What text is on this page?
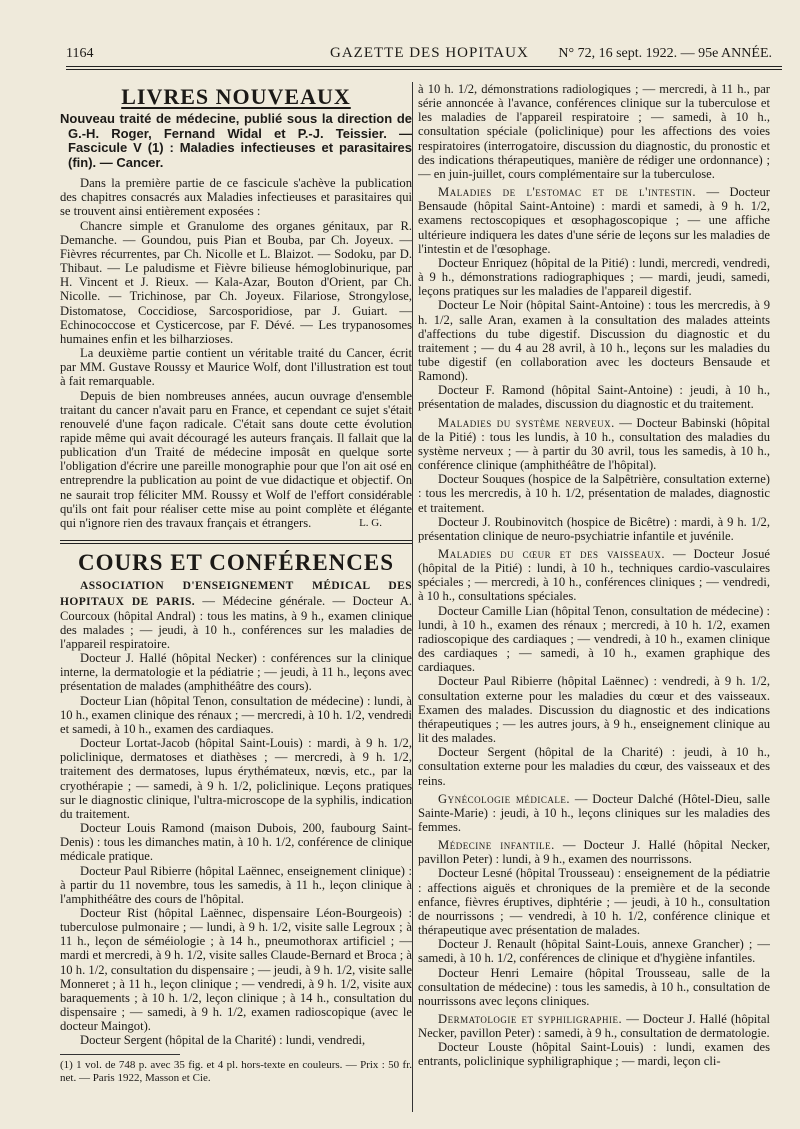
1164	GAZETTE DES HOPITAUX N° 72, 16 sept. 1922. — 95e ANNÉE.
LIVRES NOUVEAUX
Nouveau traité de médecine, publié sous la direction de G.-H. Roger, Fernand Widal et P.-J. Teissier. — Fascicule V (1) : Maladies infectieuses et parasitaires (fin). — Cancer.

Dans la première partie de ce fascicule s'achève la publication des chapitres consacrés aux Maladies infectieuses et parasitaires qui se trouvent ainsi entièrement exposées :

Chancre simple et Granulome des organes génitaux, par R. Demanche. — Goundou, puis Pian et Bouba, par Ch. Joyeux. — Fièvres récurrentes, par Ch. Nicolle et L. Blaizot. — Sodoku, par D. Thibaut. — Le paludisme et Fièvre bilieuse hémoglobinurique, par H. Vincent et J. Rieux. — Kala-Azar, Bouton d'Orient, par Ch. Nicolle. — Trichinose, par Ch. Joyeux. Filariose, Strongylose, Distomatose, Coccidiose, Sarcosporidiose, par J. Guiart. — Echinococcose et Cysticercose, par F. Dévé. — Les trypanosomes humaines enfin et les bilharzioses.

La deuxième partie contient un véritable traité du Cancer, écrit par MM. Gustave Roussy et Maurice Wolf, dont l'illustration est tout à fait remarquable.

Depuis de bien nombreuses années, aucun ouvrage d'ensemble traitant du cancer n'avait paru en France, et cependant ce sujet s'était renouvelé d'une façon radicale. C'était sans doute cette évolution rapide même qui avait découragé les auteurs français. Il fallait que la publication d'un Traité de médecine imposât en quelque sorte l'obligation d'écrire une pareille monographie pour que l'on ait osé en entreprendre la publication au point de vue didactique et objectif. On ne saurait trop féliciter MM. Roussy et Wolf de l'effort considérable qu'ils ont fait pour réaliser cette mise au point complète et élégante qui n'ignore rien des travaux français et étrangers.	L. G.
COURS ET CONFÉRENCES

ASSOCIATION D'ENSEIGNEMENT MÉDICAL DES HOPITAUX DE PARIS. — Médecine générale. — Docteur A. Courcoux (hôpital Andral) : tous les matins, à 9 h., examen clinique des malades ; — jeudi, à 10 h., conférences sur les maladies de l'appareil respiratoire.

Docteur J. Hallé (hôpital Necker) : conférences sur la clinique interne, la dermatologie et la pédiatrie ; — jeudi, à 11 h., leçons avec présentation de malades (amphithéâtre des cours).

Docteur Lian (hôpital Tenon, consultation de médecine) : lundi, à 10 h., examen clinique des rénaux ; — mercredi, à 10 h. 1/2, vendredi et samedi, à 10 h., examen des cardiaques.

Docteur Lortat-Jacob (hôpital Saint-Louis) : mardi, à 9 h. 1/2, policlinique, dermatoses et diathèses ; — mercredi, à 9 h. 1/2, traitement des dermatoses, lupus érythémateux, nœvis, etc., par la cryothérapie ; — samedi, à 9 h. 1/2, policlinique. Leçons pratiques sur le diagnostic clinique, l'ultra-microscope de la syphilis, indication du traitement.

Docteur Louis Ramond (maison Dubois, 200, faubourg Saint-Denis) : tous les dimanches matin, à 10 h. 1/2, conférence de clinique médicale pratique.

Docteur Paul Ribierre (hôpital Laënnec, enseignement clinique) : à partir du 11 novembre, tous les samedis, à 11 h., leçon clinique à l'amphithéâtre des cours de l'hôpital.

Docteur Rist (hôpital Laënnec, dispensaire Léon-Bourgeois) : tuberculose pulmonaire ; — lundi, à 9 h. 1/2, visite salle Legroux ; à 11 h., leçon de séméiologie ; à 14 h., pneumothorax artificiel ; — mardi et mercredi, à 9 h. 1/2, visite salles Claude-Bernard et Broca ; à 10 h. 1/2, consultation du dispensaire ; — jeudi, à 9 h. 1/2, visite salle Monneret ; à 11 h., leçon clinique ; — vendredi, à 9 h. 1/2, visite aux baraquements ; à 10 h. 1/2, leçon clinique ; à 14 h., consultation du dispensaire ; — samedi, à 9 h. 1/2, examen radioscopique (avec le docteur Maingot).

Docteur Sergent (hôpital de la Charité) : lundi, vendredi,

(1) 1 vol. de 748 p. avec 35 fig. et 4 pl. hors-texte en couleurs. — Prix : 50 fr. net. — Paris 1922, Masson et Cie.

à 10 h. 1/2, démonstrations radiologiques ; — mercredi, à 11 h., par série annoncée à l'avance, conférences clinique sur la tuberculose et les maladies de l'appareil respiratoire ; — samedi, à 10 h., consultation spéciale (policlinique) pour les affections des voies respiratoires (interrogatoire, discussion du diagnostic, du pronostic et des indications thérapeutiques, manière de rédiger une ordonnance) ; — en juin-juillet, cours complémentaire sur la tuberculose.

Maladies de l'estomac et de l'intestin. — Docteur Bensaude (hôpital Saint-Antoine) : mardi et samedi, à 9 h. 1/2, examens rectoscopiques et œsophagoscopique ; — une affiche ultérieure indiquera les dates d'une série de leçons sur les maladies de l'intestin et de l'œsophage.

Docteur Enriquez (hôpital de la Pitié) : lundi, mercredi, vendredi, à 9 h., démonstrations radiographiques ; — mardi, jeudi, samedi, leçons pratiques sur les maladies de l'appareil digestif.

Docteur Le Noir (hôpital Saint-Antoine) : tous les mercredis, à 9 h. 1/2, salle Aran, examen à la consultation des malades atteints d'affections du tube digestif. Discussion du diagnostic et du traitement ; — du 4 au 28 avril, à 10 h., leçons sur les maladies du tube digestif (en collaboration avec les docteurs Bensaude et Ramond).

Docteur F. Ramond (hôpital Saint-Antoine) : jeudi, à 10 h., présentation de malades, discussion du diagnostic et du traitement.

Maladies du système nerveux. — Docteur Babinski (hôpital de la Pitié) : tous les lundis, à 10 h., consultation des maladies du système nerveux ; — à partir du 30 avril, tous les samedis, à 10 h., conférence clinique (amphithéâtre de l'hôpital).

Docteur Souques (hospice de la Salpêtrière, consultation externe) : tous les mercredis, à 10 h. 1/2, présentation de malades, diagnostic et traitement.

Docteur J. Roubinovitch (hospice de Bicêtre) : mardi, à 9 h. 1/2, présentation clinique de neuro-psychiatrie infantile et juvénile.

Maladies du cœur et des vaisseaux. — Docteur Josué (hôpital de la Pitié) : lundi, à 10 h., techniques cardio-vasculaires spéciales ; — mercredi, à 10 h., conférences cliniques ; — vendredi, à 10 h., consultations spéciales.

Docteur Camille Lian (hôpital Tenon, consultation de médecine) : lundi, à 10 h., examen des rénaux ; mercredi, à 10 h. 1/2, examen radioscopique des cardiaques ; — vendredi, à 10 h., examen clinique des cardiaques ; — samedi, à 10 h., examen graphique des cardiaques.

Docteur Paul Ribierre (hôpital Laënnec) : vendredi, à 9 h. 1/2, consultation externe pour les maladies du cœur et des vaisseaux. Examen des malades. Discussion du diagnostic et des indications thérapeutiques ; — les autres jours, à 9 h., enseignement clinique au lit des malades.

Docteur Sergent (hôpital de la Charité) : jeudi, à 10 h., consultation externe pour les maladies du cœur, des vaisseaux et des reins.

Gynécologie médicale. — Docteur Dalché (Hôtel-Dieu, salle Sainte-Marie) : jeudi, à 10 h., leçons cliniques sur les maladies des femmes.

Médecine infantile. — Docteur J. Hallé (hôpital Necker, pavillon Peter) : lundi, à 9 h., examen des nourrissons.

Docteur Lesné (hôpital Trousseau) : enseignement de la pédiatrie : affections aiguës et chroniques de la première et de la seconde enfance, fièvres éruptives, diphtérie ; — jeudi, à 10 h., consultation de nourrissons ; — vendredi, à 10 h. 1/2, conférence clinique et thérapeutique avec présentation de malades.

Docteur J. Renault (hôpital Saint-Louis, annexe Grancher) ; — samedi, à 10 h. 1/2, conférences de clinique et d'hygiène infantiles.

Docteur Henri Lemaire (hôpital Trousseau, salle de la consultation de médecine) : tous les samedis, à 10 h., consultation de nourrissons avec leçons cliniques.

Dermatologie et syphiligraphie. — Docteur J. Hallé (hôpital Necker, pavillon Peter) : samedi, à 9 h., consultation de dermatologie.

Docteur Louste (hôpital Saint-Louis) : lundi, examen des entrants, policlinique syphiligraphique ; — mardi, leçon cli-
